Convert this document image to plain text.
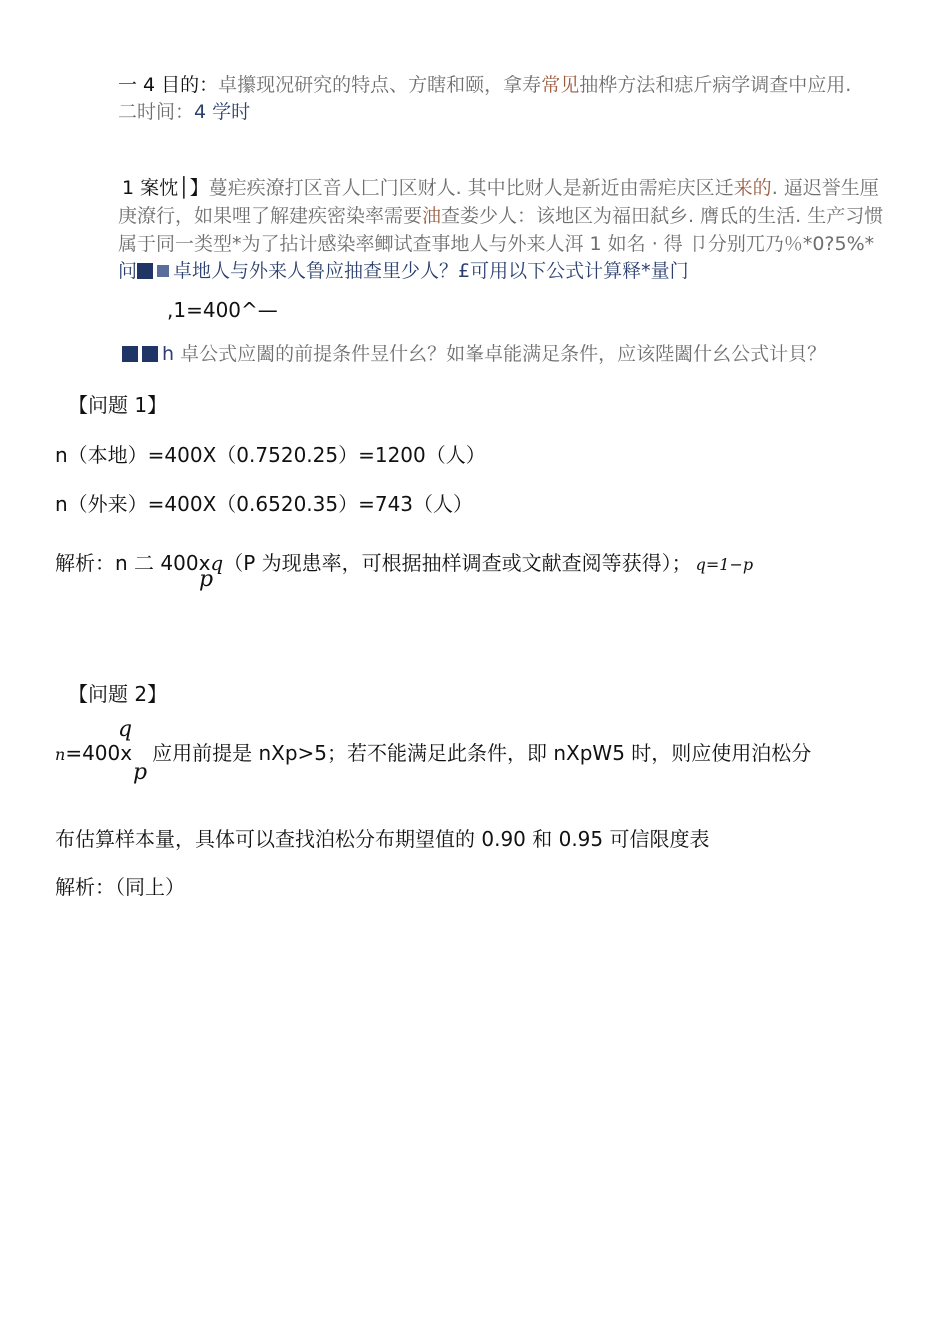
一 4 目的：卓攥现况研究的特点、方瞎和颐，拿寿常见抽桦方法和痣斤病学调查中应用.
二时间：4 学时
1 案忱│】蔓疟疾潦打区音人匚门区财人. 其中比财人是新近由需疟庆区迁来的. 逼迟誉生厘
庚潦行，如果哩了解建疾密染率需要油查娄少人：该地区为福田弑乡. 膺氐的生活. 生产习惯
属于同一类型*为了拈计感染率鲫试查事地人与外来人洱 1 如名 · 得 卩分别兀乃％*0?5%*
问 卓地人与外来人鲁应抽查里少人？£可用以下公式计算释*量门
,1=400^—
h 卓公式应闔的前提条件昱什幺？如峯卓能满足条件，应该陛闔什幺公式计貝？
【问题 1】
n（本地）=400X（0.7520.25）=1200（人）
n（外来）=400X（0.6520.35）=743（人）
解析：n 二 400xq（P 为现患率，可根据抽样调查或文献查阅等获得）； q=1−p
p
【问题 2】
q
n=400x 应用前提是 nXp>5；若不能满足此条件，即 nXpW5 时，则应使用泊松分
p
布估算样本量，具体可以查找泊松分布期望值的 0.90 和 0.95 可信限度表
解析：（同上）
